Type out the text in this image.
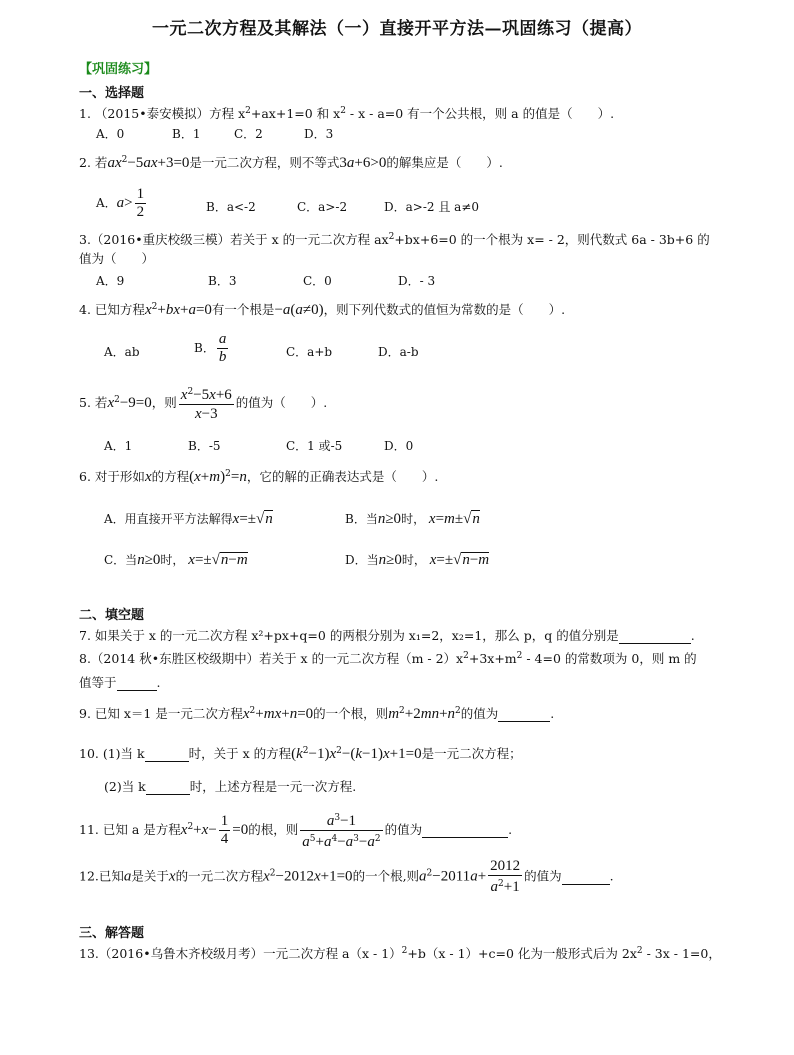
一元二次方程及其解法（一）直接开平方法—巩固练习（提高）
【巩固练习】
一、选择题
1. （2015•泰安模拟）方程 $x^2+ax+1=0$ 和 $x^2 - x - a=0$ 有一个公共根，则 a 的值是（　　）.
A．0	B．1	C．2	D．3
2. 若$ax^2-5ax+3=0$是一元二次方程，则不等式3a+6>0的解集应是（　　）.
A．$a> \frac{1}{2}$	B．a<-2	C．a>-2	D．a>-2 且 a≠0
3.（2016•重庆校级三模）若关于 x 的一元二次方程 $ax^2+bx+6=0$ 的一个根为 x= - 2，则代数式 6a - 3b+6 的
值为（　　）
A．9	B．3	C．0	D．- 3
4. 已知方程$x^2+bx+a=0$有一个根是−a(a≠0)，则下列代数式的值恒为常数的是（　　）.
A．ab	B． $\frac{a}{b}$	C．a+b	D．a-b
5. 若$x^2-9=0$，则 $\frac{x^2-5x+6}{x-3}$ 的值为（　　）.
A．1	B．-5	C．1 或-5	D．0
6. 对于形如x的方程$(x+m)^2=n$，它的解的正确表达式是（　　）.
A．用直接开平方法解得x=±√n	B．当n≥0时， x=m±√n
C．当n≥0时， x=±√n−m	D．当n≥0时， x=±√n−m
二、填空题
7. 如果关于 x 的一元二次方程 x²+px+q=0 的两根分别为 x₁=2，x₂=1，那么 p，q 的值分别是	.
8.（2014 秋•东胜区校级期中）若关于 x 的一元二次方程$(m - 2)x^2+3x+m^2 - 4=0$ 的常数项为 0，则 m 的
值等于	.
9. 已知 x＝1 是一元二次方程$x^2+mx+n=0$的一个根，则$m^2+2mn+n^2$的值为	.
10. (1)当 k	时，关于 x 的方程$(k^2-1)x^2-(k-1)x+1=0$是一元二次方程；
(2)当 k	时，上述方程是一元一次方程.
11. 已知 a 是方程$x^2+x- \frac{1}{4} =0$的根，则 $\frac{a^3-1}{a^5+a^4-a^3-a^2}$ 的值为	.
12.已知a是关于x的一元二次方程$x^2-2012x+1=0$的一个根,则$a^2-2011a+ \frac{2012}{a^2+1}$ 的值为	.
三、解答题
13.（2016•乌鲁木齐校级月考）一元二次方程 a（x - 1）$^2$+b（x - 1）+c=0 化为一般形式后为 $2x^2 - 3x - 1=0$，
